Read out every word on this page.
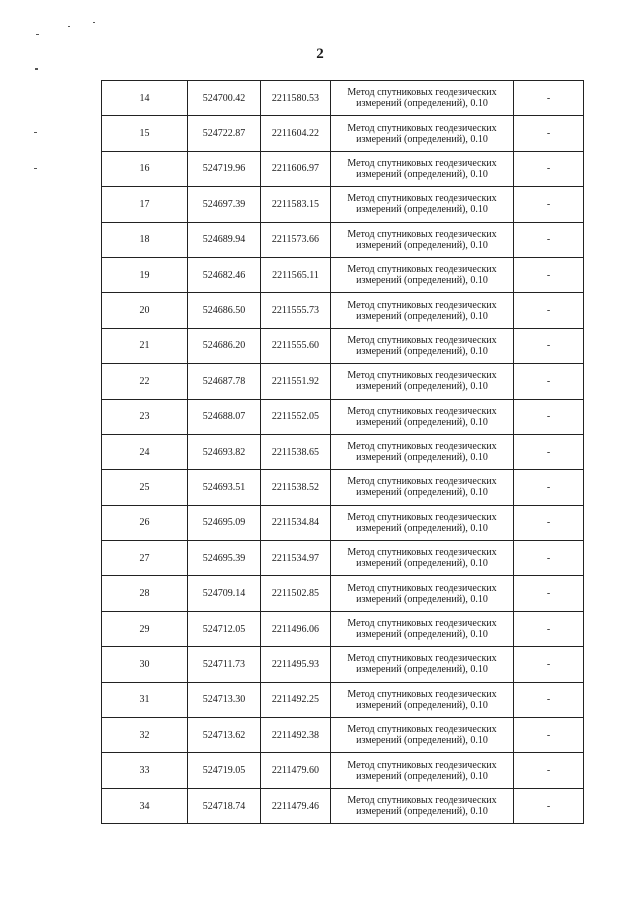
2
14	524700.42	2211580.53	Метод спутниковых геодезических
измерений (определений), 0.10	-
15	524722.87	2211604.22	Метод спутниковых геодезических
измерений (определений), 0.10	-
16	524719.96	2211606.97	Метод спутниковых геодезических
измерений (определений), 0.10	-
17	524697.39	2211583.15	Метод спутниковых геодезических
измерений (определений), 0.10	-
18	524689.94	2211573.66	Метод спутниковых геодезических
измерений (определений), 0.10	-
19	524682.46	2211565.11	Метод спутниковых геодезических
измерений (определений), 0.10	-
20	524686.50	2211555.73	Метод спутниковых геодезических
измерений (определений), 0.10	-
21	524686.20	2211555.60	Метод спутниковых геодезических
измерений (определений), 0.10	-
22	524687.78	2211551.92	Метод спутниковых геодезических
измерений (определений), 0.10	-
23	524688.07	2211552.05	Метод спутниковых геодезических
измерений (определений), 0.10	-
24	524693.82	2211538.65	Метод спутниковых геодезических
измерений (определений), 0.10	-
25	524693.51	2211538.52	Метод спутниковых геодезических
измерений (определений), 0.10	-
26	524695.09	2211534.84	Метод спутниковых геодезических
измерений (определений), 0.10	-
27	524695.39	2211534.97	Метод спутниковых геодезических
измерений (определений), 0.10	-
28	524709.14	2211502.85	Метод спутниковых геодезических
измерений (определений), 0.10	-
29	524712.05	2211496.06	Метод спутниковых геодезических
измерений (определений), 0.10	-
30	524711.73	2211495.93	Метод спутниковых геодезических
измерений (определений), 0.10	-
31	524713.30	2211492.25	Метод спутниковых геодезических
измерений (определений), 0.10	-
32	524713.62	2211492.38	Метод спутниковых геодезических
измерений (определений), 0.10	-
33	524719.05	2211479.60	Метод спутниковых геодезических
измерений (определений), 0.10	-
34	524718.74	2211479.46	Метод спутниковых геодезических
измерений (определений), 0.10	-
